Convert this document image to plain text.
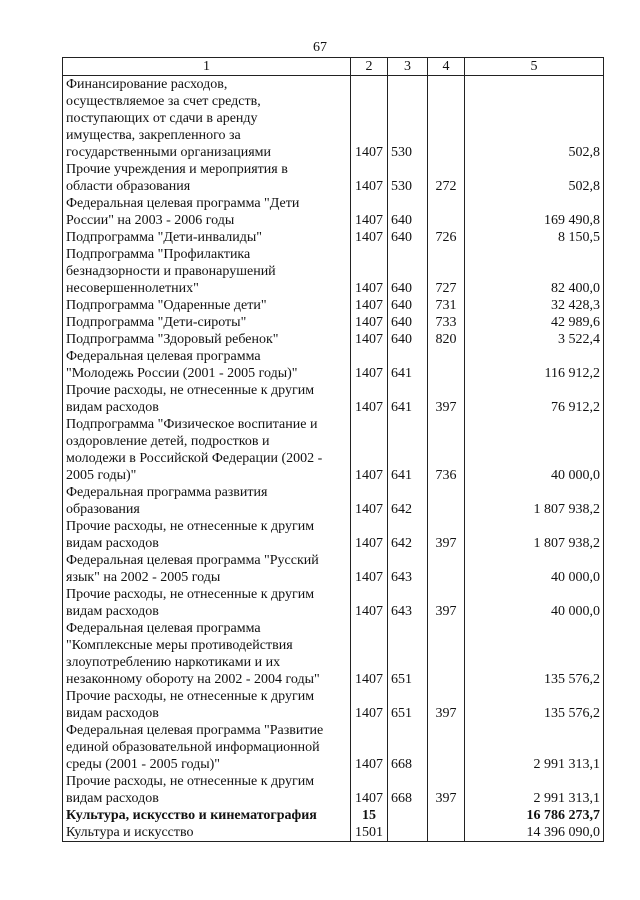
67
1	2	3	4	5
Финансирование расходов,
осуществляемое за счет средств,
поступающих от сдачи в аренду
имущества, закрепленного за
государственными организациями	1407	530		502,8
Прочие учреждения и мероприятия в
области образования	1407	530	272	502,8
Федеральная целевая программа "Дети
России" на 2003 - 2006 годы	1407	640		169 490,8
Подпрограмма "Дети-инвалиды"	1407	640	726	8 150,5
Подпрограмма "Профилактика
безнадзорности и правонарушений
несовершеннолетних"	1407	640	727	82 400,0
Подпрограмма "Одаренные дети"	1407	640	731	32 428,3
Подпрограмма "Дети-сироты"	1407	640	733	42 989,6
Подпрограмма "Здоровый ребенок"	1407	640	820	3 522,4
Федеральная целевая программа
"Молодежь России (2001 - 2005 годы)"	1407	641		116 912,2
Прочие расходы, не отнесенные к другим
видам расходов	1407	641	397	76 912,2
Подпрограмма "Физическое воспитание и
оздоровление детей, подростков и
молодежи в Российской Федерации (2002 -
2005 годы)"	1407	641	736	40 000,0
Федеральная программа развития
образования	1407	642		1 807 938,2
Прочие расходы, не отнесенные к другим
видам расходов	1407	642	397	1 807 938,2
Федеральная целевая программа "Русский
язык" на 2002 - 2005 годы	1407	643		40 000,0
Прочие расходы, не отнесенные к другим
видам расходов	1407	643	397	40 000,0
Федеральная целевая программа
"Комплексные меры противодействия
злоупотреблению наркотиками и их
незаконному обороту на 2002 - 2004 годы"	1407	651		135 576,2
Прочие расходы, не отнесенные к другим
видам расходов	1407	651	397	135 576,2
Федеральная целевая программа "Развитие
единой образовательной информационной
среды (2001 - 2005 годы)"	1407	668		2 991 313,1
Прочие расходы, не отнесенные к другим
видам расходов	1407	668	397	2 991 313,1
Культура, искусство и кинематография	15			16 786 273,7
Культура и искусство	1501			14 396 090,0
